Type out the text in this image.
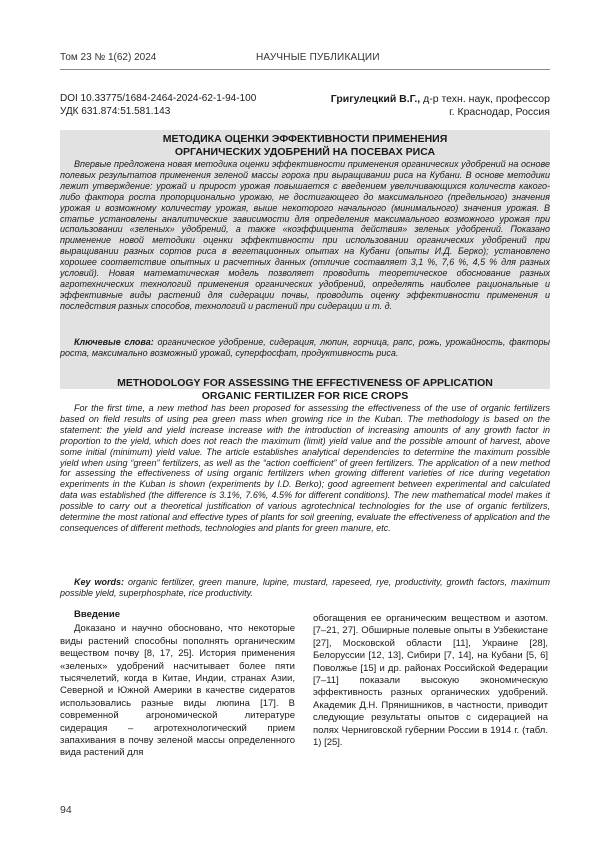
Том 23 № 1(62) 2024	НАУЧНЫЕ ПУБЛИКАЦИИ
DOI 10.33775/1684-2464-2024-62-1-94-100
УДК 631.874:51.581.143
Григулецкий В.Г., д-р техн. наук, профессор
г. Краснодар, Россия
МЕТОДИКА ОЦЕНКИ ЭФФЕКТИВНОСТИ ПРИМЕНЕНИЯ
ОРГАНИЧЕСКИХ УДОБРЕНИЙ НА ПОСЕВАХ РИСА

Впервые предложена новая методика оценки эффективности применения органических удобрений на основе полевых результатов применения зеленой массы гороха при выращивании риса на Кубани. В основе методики лежит утверждение: урожай и прирост урожая повышается с введением увеличивающихся количеств какого-либо фактора роста пропорционально урожаю, не достигающего до максимального (предельного) значения урожая и возможному количеству урожая, выше некоторого начального (минимального) значения урожая. В статье установлены аналитические зависимости для определения максимального возможного урожая при использовании «зеленых» удобрений, а также «коэффициента действия» зеленых удобрений. Показано применение новой методики оценки эффективности при использовании органических удобрений при выращивании разных сортов риса в вегетационных опытах на Кубани (опыты И.Д. Берко); установлено хорошее соответствие опытных и расчетных данных (отличие составляет 3,1 %, 7,6 %, 4,5 % для разных условий). Новая математическая модель позволяет проводить теоретическое обоснование разных агротехнических технологий применения органических удобрений, определять наиболее рациональные и эффективные виды растений для сидерации почвы, проводить оценку эффективности применения и последствия разных способов, технологий и растений при сидерации и т. д.

Ключевые слова: органическое удобрение, сидерация, люпин, горчица, рапс, рожь, урожайность, факторы роста, максимально возможный урожай, суперфосфат, продуктивность риса.

METHODOLOGY FOR ASSESSING THE EFFECTIVENESS OF APPLICATION
ORGANIC FERTILIZER FOR RICE CROPS

For the first time, a new method has been proposed for assessing the effectiveness of the use of organic fertilizers based on field results of using pea green mass when growing rice in the Kuban. The methodology is based on the statement: the yield and yield increase increase with the introduction of increasing amounts of any growth factor in proportion to the yield, which does not reach the maximum (limit) yield value and the possible amount of harvest, above some initial (minimum) yield value. The article establishes analytical dependencies to determine the maximum possible yield when using “green” fertilizers, as well as the “action coefficient” of green fertilizers. The application of a new method for assessing the effectiveness of using organic fertilizers when growing different varieties of rice during vegetation experiments in the Kuban is shown (experiments by I.D. Berko); good agreement between experimental and calculated data was established (the difference is 3.1%, 7.6%, 4.5% for different conditions). The new mathematical model makes it possible to carry out a theoretical justification of various agrotechnical technologies for the use of organic fertilizers, determine the most rational and effective types of plants for soil greening, evaluate the effectiveness of application and the consequences of different methods, technologies and plants for green manure, etc.

Key words: organic fertilizer, green manure, lupine, mustard, rapeseed, rye, productivity, growth factors, maximum possible yield, superphosphate, rice productivity.

Введение

Доказано и научно обосновано, что некоторые виды растений способны пополнять органическим веществом почву [8, 17, 25]. История применения «зеленых» удобрений насчитывает более пяти тысячелетий, когда в Китае, Индии, странах Азии, Северной и Южной Америки в качестве сидератов использовались разные виды люпина [17]. В современной агрономической литературе сидерация – агротехнологический прием запахивания в почву зеленой массы определенного вида растений для

обогащения ее органическим веществом и азотом. [7–21, 27]. Обширные полевые опыты в Узбекистане [27], Московской области [11], Украине [28], Белоруссии [12, 13], Сибири [7, 14], на Кубани [5, 6] Поволжье [15] и др. районах Российской Федерации [7–11] показали высокую экономическую эффективность разных органических удобрений. Академик Д.Н. Прянишников, в частности, приводит следующие результаты опытов с сидерацией на полях Черниговской губернии России в 1914 г. (табл. 1) [25].

94
